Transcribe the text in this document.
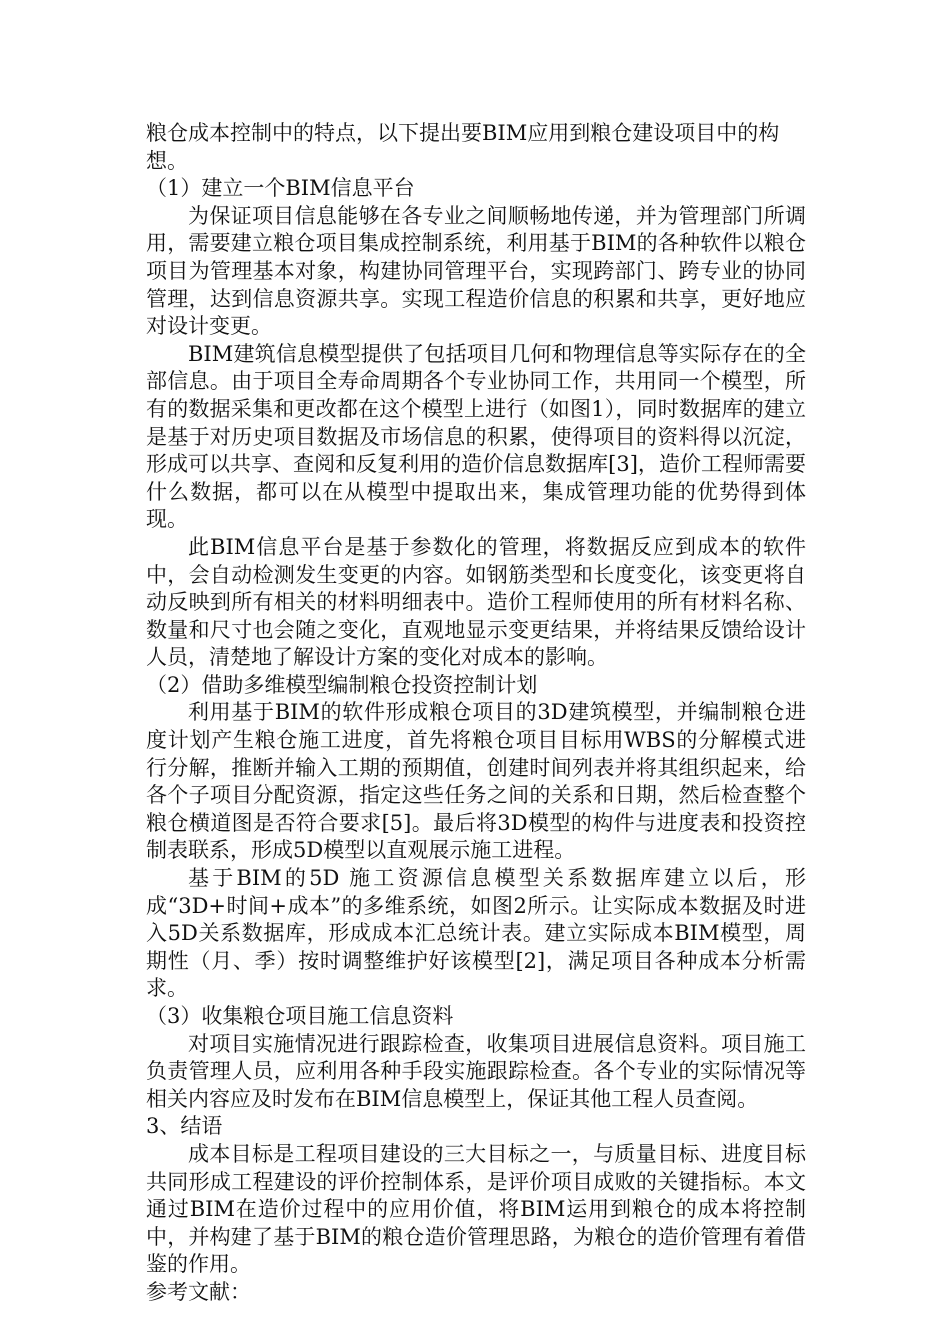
粮仓成本控制中的特点，以下提出要BIM应用到粮仓建设项目中的构想。

（1）建立一个BIM信息平台

为保证项目信息能够在各专业之间顺畅地传递，并为管理部门所调用，需要建立粮仓项目集成控制系统，利用基于BIM的各种软件以粮仓项目为管理基本对象，构建协同管理平台，实现跨部门、跨专业的协同管理，达到信息资源共享。实现工程造价信息的积累和共享，更好地应对设计变更。

BIM建筑信息模型提供了包括项目几何和物理信息等实际存在的全部信息。由于项目全寿命周期各个专业协同工作，共用同一个模型，所有的数据采集和更改都在这个模型上进行（如图1），同时数据库的建立是基于对历史项目数据及市场信息的积累，使得项目的资料得以沉淀，形成可以共享、查阅和反复利用的造价信息数据库[3]，造价工程师需要什么数据，都可以在从模型中提取出来，集成管理功能的优势得到体现。

此BIM信息平台是基于参数化的管理，将数据反应到成本的软件中，会自动检测发生变更的内容。如钢筋类型和长度变化，该变更将自动反映到所有相关的材料明细表中。造价工程师使用的所有材料名称、数量和尺寸也会随之变化，直观地显示变更结果，并将结果反馈给设计人员，清楚地了解设计方案的变化对成本的影响。

（2）借助多维模型编制粮仓投资控制计划

利用基于BIM的软件形成粮仓项目的3D建筑模型，并编制粮仓进度计划产生粮仓施工进度，首先将粮仓项目目标用WBS的分解模式进行分解，推断并输入工期的预期值，创建时间列表并将其组织起来，给各个子项目分配资源，指定这些任务之间的关系和日期，然后检查整个粮仓横道图是否符合要求[5]。最后将3D模型的构件与进度表和投资控制表联系，形成5D模型以直观展示施工进程。

基于BIM的5D 施工资源信息模型关系数据库建立以后，形成“3D+时间+成本”的多维系统，如图2所示。让实际成本数据及时进入5D关系数据库，形成成本汇总统计表。建立实际成本BIM模型，周期性（月、季）按时调整维护好该模型[2]，满足项目各种成本分析需求。

（3）收集粮仓项目施工信息资料

对项目实施情况进行跟踪检查，收集项目进展信息资料。项目施工负责管理人员，应利用各种手段实施跟踪检查。各个专业的实际情况等相关内容应及时发布在BIM信息模型上，保证其他工程人员查阅。

3、结语

成本目标是工程项目建设的三大目标之一，与质量目标、进度目标共同形成工程建设的评价控制体系，是评价项目成败的关键指标。本文通过BIM在造价过程中的应用价值，将BIM运用到粮仓的成本将控制中，并构建了基于BIM的粮仓造价管理思路，为粮仓的造价管理有着借鉴的作用。

参考文献：
